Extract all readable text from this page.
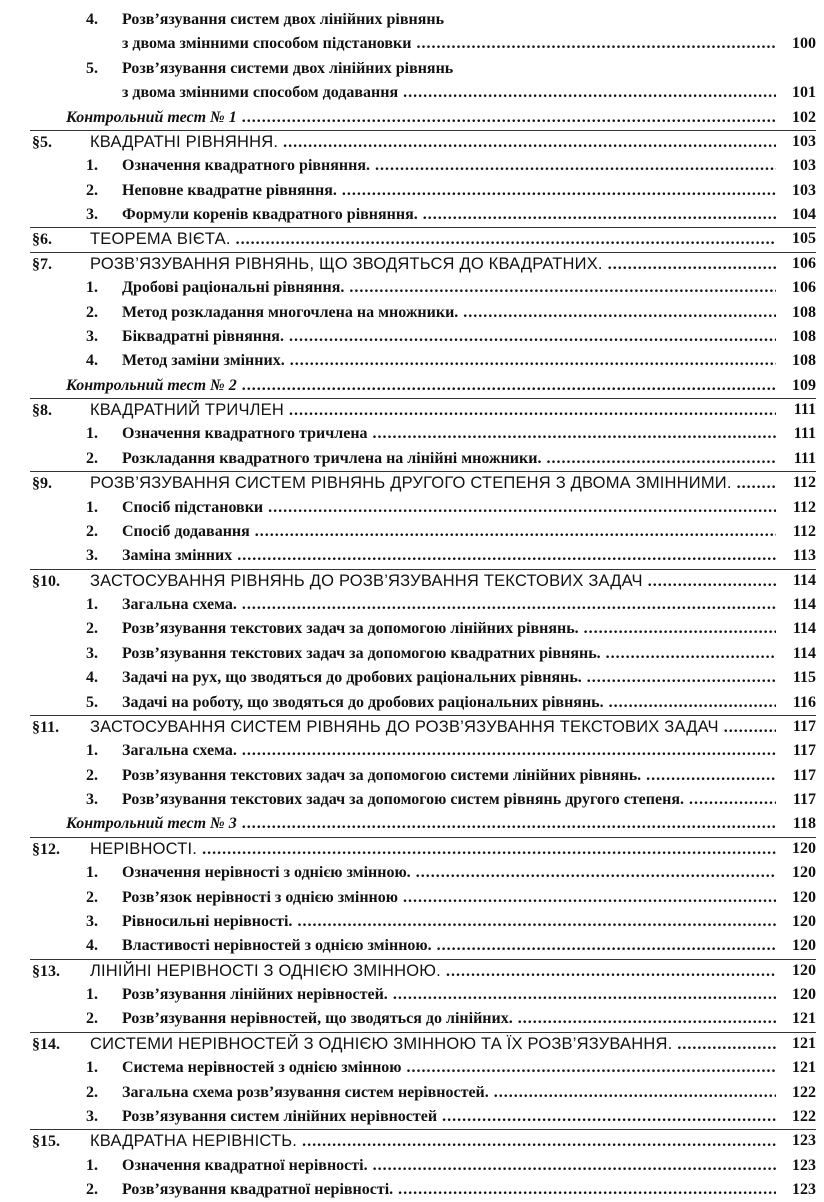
4. Розв’язування систем двох лінійних рівнянь
з двома змінними способом підстановки .....	100
5. Розв’язування системи двох лінійних рівнянь
з двома змінними способом додавання .....	101
Контрольний тест № 1 .....	102
§5. КВАДРАТНІ РІВНЯННЯ. .....	103
1. Означення квадратного рівняння. .....	103
2. Неповне квадратне рівняння. .....	103
3. Формули коренів квадратного рівняння. .....	104
§6. ТЕОРЕМА ВІЄТА. .....	105
§7. РОЗВ’ЯЗУВАННЯ РІВНЯНЬ, ЩО ЗВОДЯТЬСЯ ДО КВАДРАТНИХ. .....	106
1. Дробові раціональні рівняння. .....	106
2. Метод розкладання многочлена на множники. .....	108
3. Біквадратні рівняння. .....	108
4. Метод заміни змінних. .....	108
Контрольний тест № 2 .....	109
§8. КВАДРАТНИЙ ТРИЧЛЕН .....	111
1. Означення квадратного тричлена .....	111
2. Розкладання квадратного тричлена на лінійні множники. .....	111
§9. РОЗВ’ЯЗУВАННЯ СИСТЕМ РІВНЯНЬ ДРУГОГО СТЕПЕНЯ З ДВОМА ЗМІННИМИ. .....	112
1. Спосіб підстановки .....	112
2. Спосіб додавання .....	112
3. Заміна змінних .....	113
§10. ЗАСТОСУВАННЯ РІВНЯНЬ ДО РОЗВ’ЯЗУВАННЯ ТЕКСТОВИХ ЗАДАЧ .....	114
1. Загальна схема. .....	114
2. Розв’язування текстових задач за допомогою лінійних рівнянь. .....	114
3. Розв’язування текстових задач за допомогою квадратних рівнянь. .....	114
4. Задачі на рух, що зводяться до дробових раціональних рівнянь. .....	115
5. Задачі на роботу, що зводяться до дробових раціональних рівнянь. .....	116
§11. ЗАСТОСУВАННЯ СИСТЕМ РІВНЯНЬ ДО РОЗВ’ЯЗУВАННЯ ТЕКСТОВИХ ЗАДАЧ .....	117
1. Загальна схема. .....	117
2. Розв’язування текстових задач за допомогою системи лінійних рівнянь. .....	117
3. Розв’язування текстових задач за допомогою систем рівнянь другого степеня. .....	117
Контрольний тест № 3 .....	118
§12. НЕРІВНОСТІ. .....	120
1. Означення нерівності з однією змінною. .....	120
2. Розв’язок нерівності з однією змінною .....	120
3. Рівносильні нерівності. .....	120
4. Властивості нерівностей з однією змінною. .....	120
§13. ЛІНІЙНІ НЕРІВНОСТІ З ОДНІЄЮ ЗМІННОЮ. .....	120
1. Розв’язування лінійних нерівностей. .....	120
2. Розв’язування нерівностей, що зводяться до лінійних. .....	121
§14. СИСТЕМИ НЕРІВНОСТЕЙ З ОДНІЄЮ ЗМІННОЮ ТА ЇХ РОЗВ’ЯЗУВАННЯ. .....	121
1. Система нерівностей з однією змінною .....	121
2. Загальна схема розв’язування систем нерівностей. .....	122
3. Розв’язування систем лінійних нерівностей .....	122
§15. КВАДРАТНА НЕРІВНІСТЬ. .....	123
1. Означення квадратної нерівності. .....	123
2. Розв’язування квадратної нерівності. .....	123
